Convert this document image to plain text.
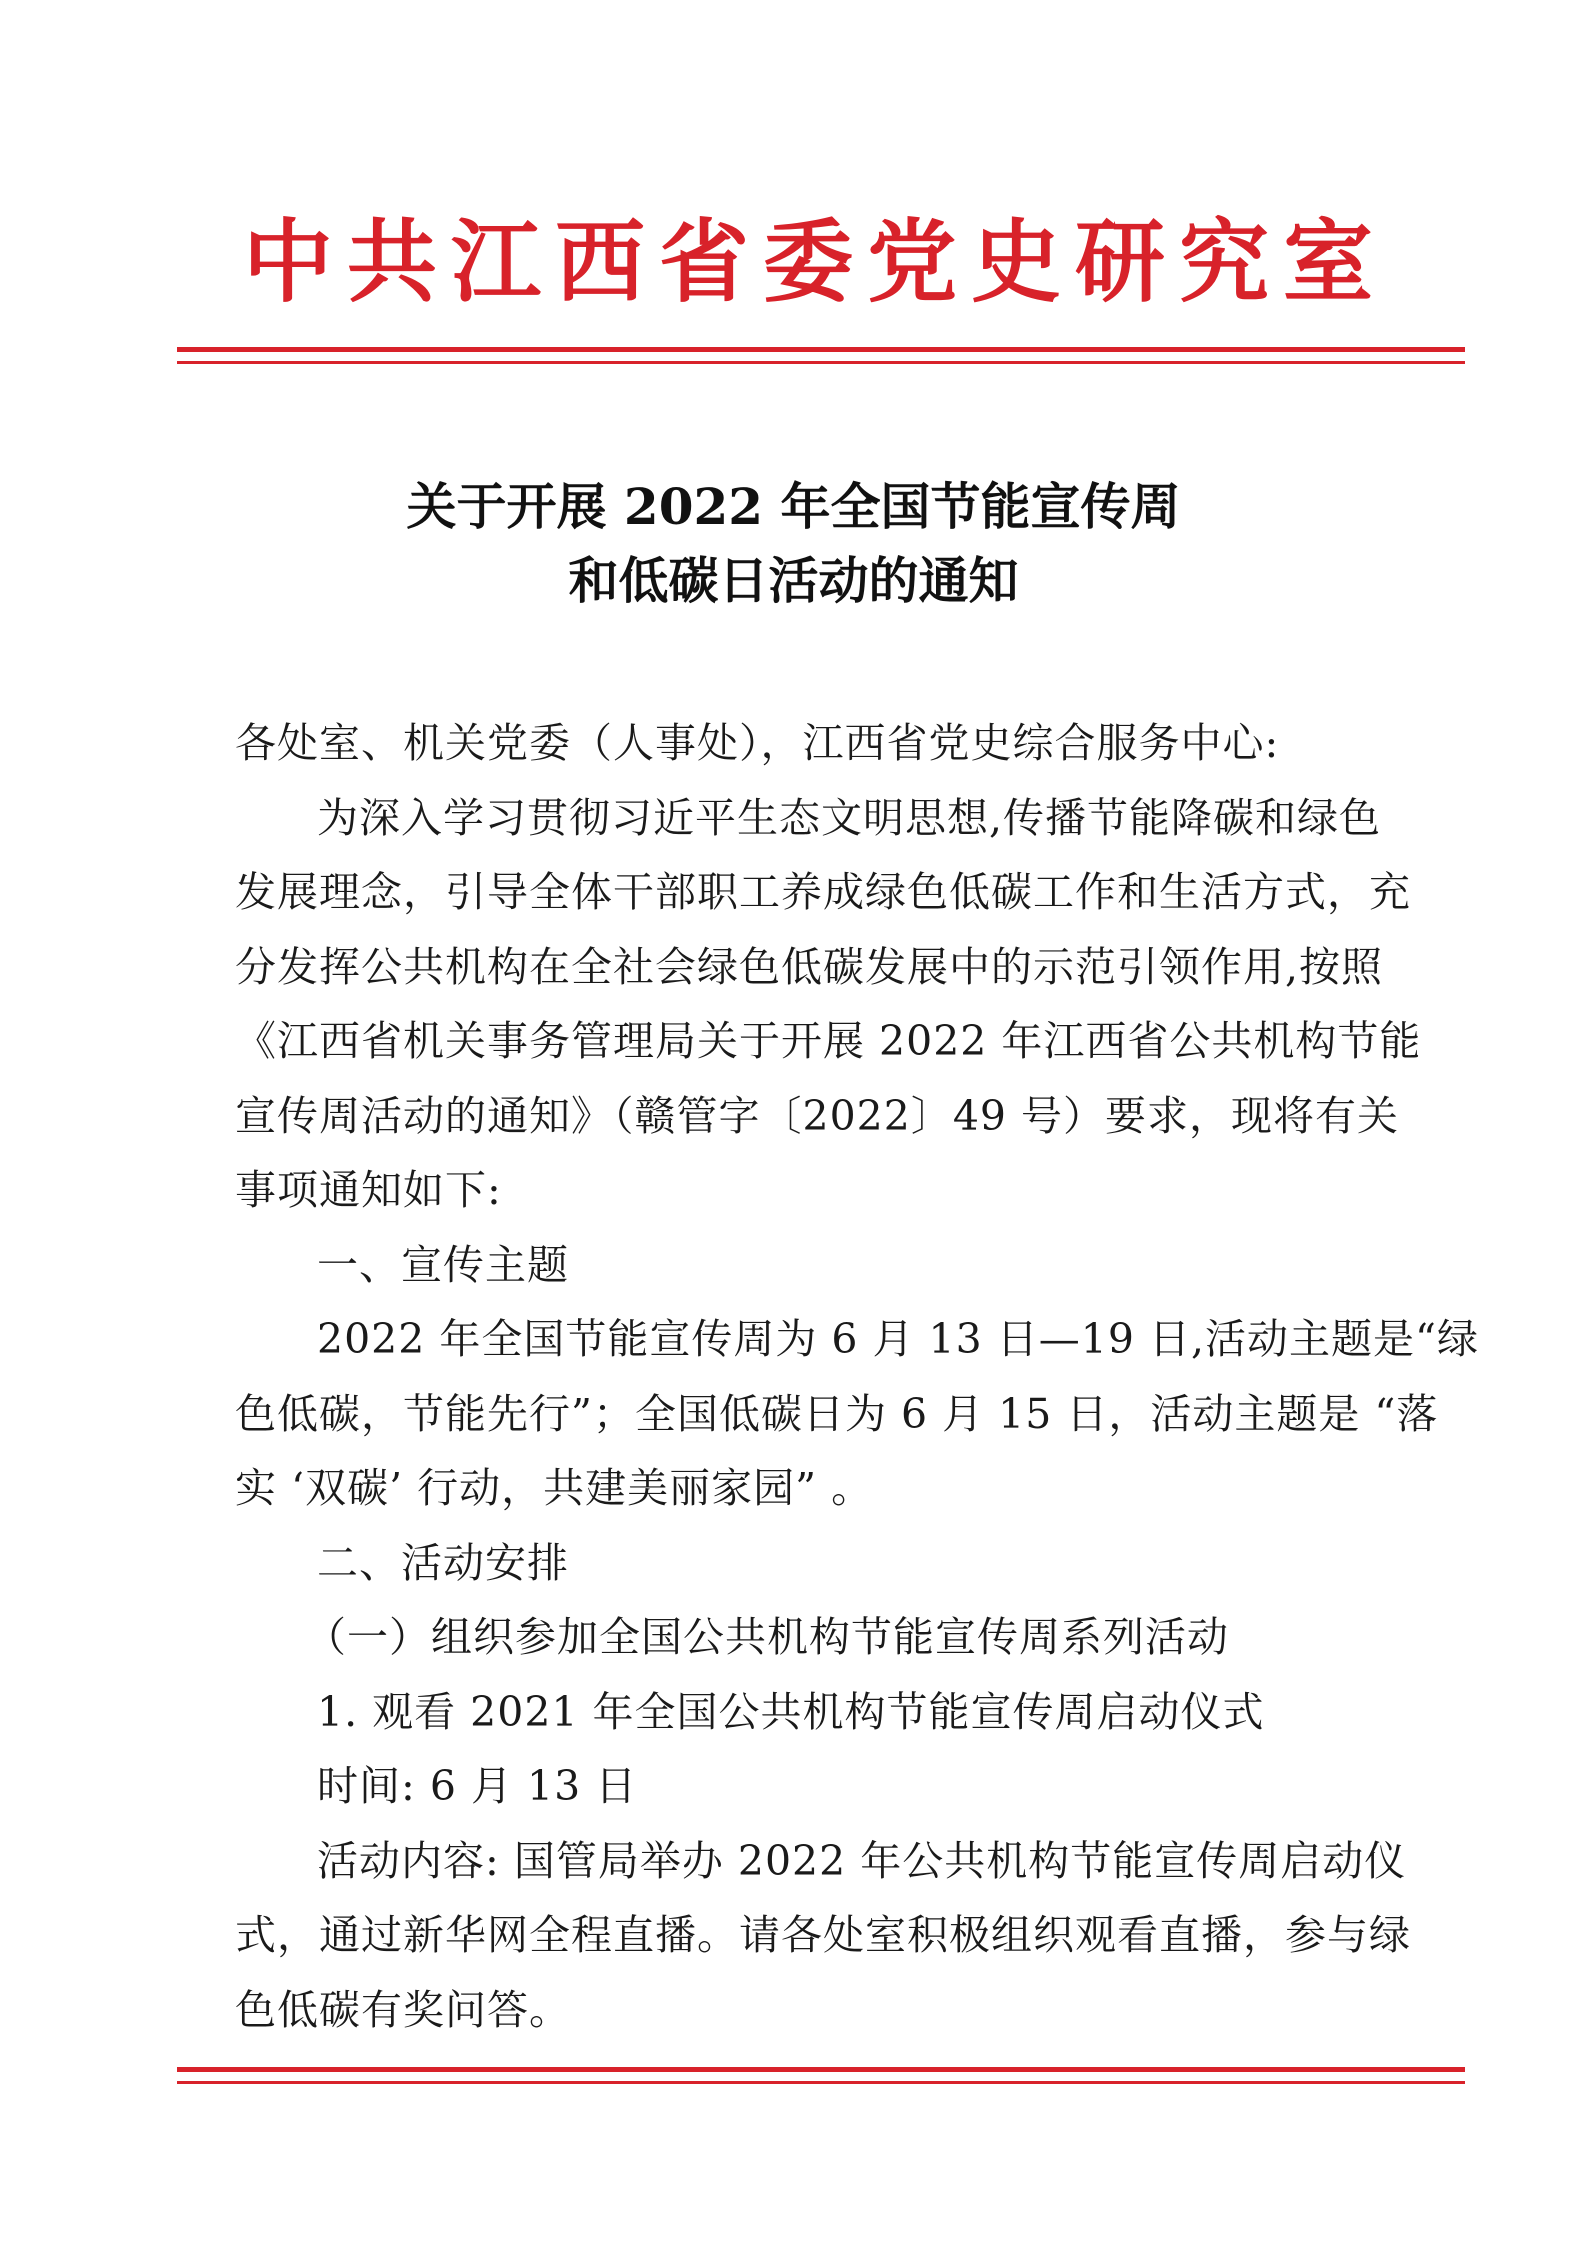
中共江西省委党史研究室
关于开展 2022 年全国节能宣传周
和低碳日活动的通知
各处室、机关党委（人事处），江西省党史综合服务中心:
为深入学习贯彻习近平生态文明思想,传播节能降碳和绿色
发展理念，引导全体干部职工养成绿色低碳工作和生活方式，充
分发挥公共机构在全社会绿色低碳发展中的示范引领作用,按照
《江西省机关事务管理局关于开展 2022 年江西省公共机构节能
宣传周活动的通知》（赣管字〔2022〕49 号）要求，现将有关
事项通知如下:
一、宣传主题
2022 年全国节能宣传周为 6 月 13 日—19 日,活动主题是“绿
色低碳，节能先行”；全国低碳日为 6 月 15 日，活动主题是 “落
实 ‘双碳’ 行动，共建美丽家园” 。
二、活动安排
（一）组织参加全国公共机构节能宣传周系列活动
1. 观看 2021 年全国公共机构节能宣传周启动仪式
时间: 6 月 13 日
活动内容: 国管局举办 2022 年公共机构节能宣传周启动仪
式，通过新华网全程直播。请各处室积极组织观看直播，参与绿
色低碳有奖问答。
